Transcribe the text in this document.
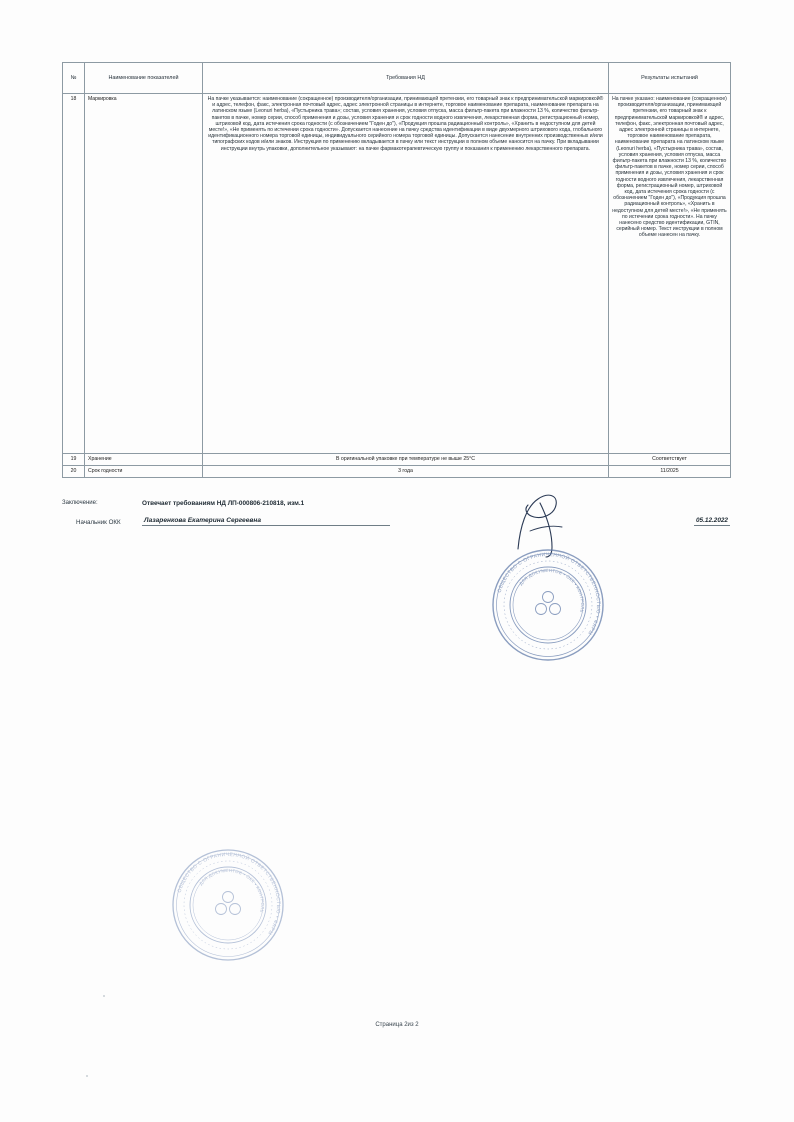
№	Наименование показателей	Требования НД	Результаты испытаний
18	Маркировка	На пачке указывается: наименование (сокращенное) производителя/организации, принимающей претензии, его товарный знак к предпринимательской маркировкой® и адрес, телефон, факс, электронная почтовый адрес, адрес электронной страницы в интернете, торговое наименование препарата, наименование препарата на латинском языке (Leonuri herba), «Пустырника трава»; состав, условия хранения, условия отпуска, масса фильтр-пакета при влажности 13 %, количество фильтр-пакетов в пачке, номер серии, способ применения и дозы, условия хранения и срок годности водного извлечения, лекарственная форма, регистрационный номер, штриховой код, дата истечения срока годности (с обозначением "Годен до"), «Продукция прошла радиационный контроль», «Хранить в недоступном для детей месте!», «Не применять по истечении срока годности». Допускается нанесение на пачку средства идентификации в виде двухмерного штрихового кода, глобального идентификационного номера торговой единицы, индивидуального серийного номера торговой единицы. Допускается нанесение внутренних производственных и/или типографских кодов и/или знаков. Инструкция по применению вкладывается в пачку или текст инструкции в полном объеме наносится на пачку. При вкладывании инструкции внутрь упаковки, дополнительное указывают: на пачке фармакотерапевтическую группу и показания к применению лекарственного препарата.	На пачке указано: наименование (сокращенное) производителя/организации, принимающей претензии, его товарный знак к предпринимательской маркировкой® и адрес, телефон, факс, электронная почтовый адрес, адрес электронной страницы в интернете, торговое наименование препарата, наименование препарата на латинском языке (Leonuri herba), «Пустырника трава», состав, условия хранения, условия отпуска, масса фильтр-пакета при влажности 13 %, количество фильтр-пакетов в пачке, номер серии, способ применения и дозы, условия хранения и срок годности водного извлечения, лекарственная форма, регистрационный номер, штриховой код, дата истечения срока годности (с обозначением "Годен до"), «Продукция прошла радиационный контроль», «Хранить в недоступном для детей месте!», «Не применять по истечении срока годности». На пачку нанесено средство идентификации, GTIN, серийный номер. Текст инструкции в полном объеме нанесен на пачку.
19	Хранение	В оригинальной упаковке при температуре не выше 25°С	Соответствует
20	Срок годности	3 года	11/2025
Заключение:	Отвечает требованиям НД ЛП-000806-210818, изм.1
Начальник ОКК	Лазаренкова Екатерина Сергеевна	05.12.2022
ОБЩЕСТВО С ОГРАНИЧЕННОЙ ОТВЕТСТВЕННОСТЬЮ • ФАРМ
ДЛЯ ДОКУМЕНТОВ • ОКК • КОНТРОЛЬ
ОБЩЕСТВО С ОГРАНИЧЕННОЙ ОТВЕТСТВЕННОСТЬЮ • ФАРМ
ДЛЯ ДОКУМЕНТОВ • ОКК • КОНТРОЛЬ
Страница 2из 2
